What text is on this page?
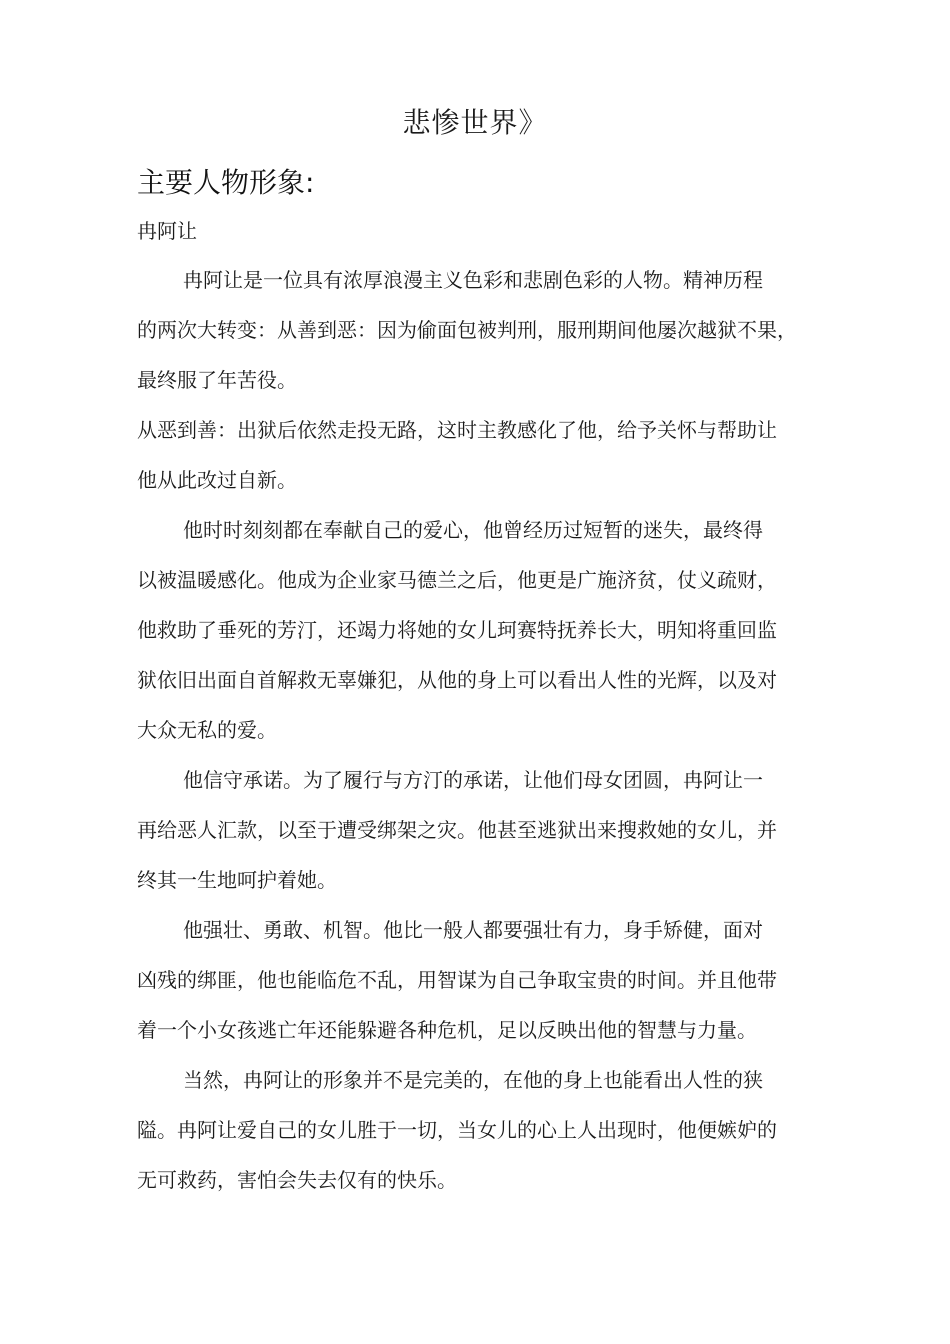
悲惨世界》
主要人物形象:
冉阿让
冉阿让是一位具有浓厚浪漫主义色彩和悲剧色彩的人物。精神历程
的两次大转变：从善到恶：因为偷面包被判刑，服刑期间他屡次越狱不果，
最终服了年苦役。
从恶到善：出狱后依然走投无路，这时主教感化了他，给予关怀与帮助让
他从此改过自新。
他时时刻刻都在奉献自己的爱心，他曾经历过短暂的迷失，最终得
以被温暖感化。他成为企业家马德兰之后，他更是广施济贫，仗义疏财，
他救助了垂死的芳汀，还竭力将她的女儿珂赛特抚养长大，明知将重回监
狱依旧出面自首解救无辜嫌犯，从他的身上可以看出人性的光辉，以及对
大众无私的爱。
他信守承诺。为了履行与方汀的承诺，让他们母女团圆，冉阿让一
再给恶人汇款，以至于遭受绑架之灾。他甚至逃狱出来搜救她的女儿，并
终其一生地呵护着她。
他强壮、勇敢、机智。他比一般人都要强壮有力，身手矫健，面对
凶残的绑匪，他也能临危不乱，用智谋为自己争取宝贵的时间。并且他带
着一个小女孩逃亡年还能躲避各种危机，足以反映出他的智慧与力量。
当然，冉阿让的形象并不是完美的，在他的身上也能看出人性的狭
隘。冉阿让爱自己的女儿胜于一切，当女儿的心上人出现时，他便嫉妒的
无可救药，害怕会失去仅有的快乐。
